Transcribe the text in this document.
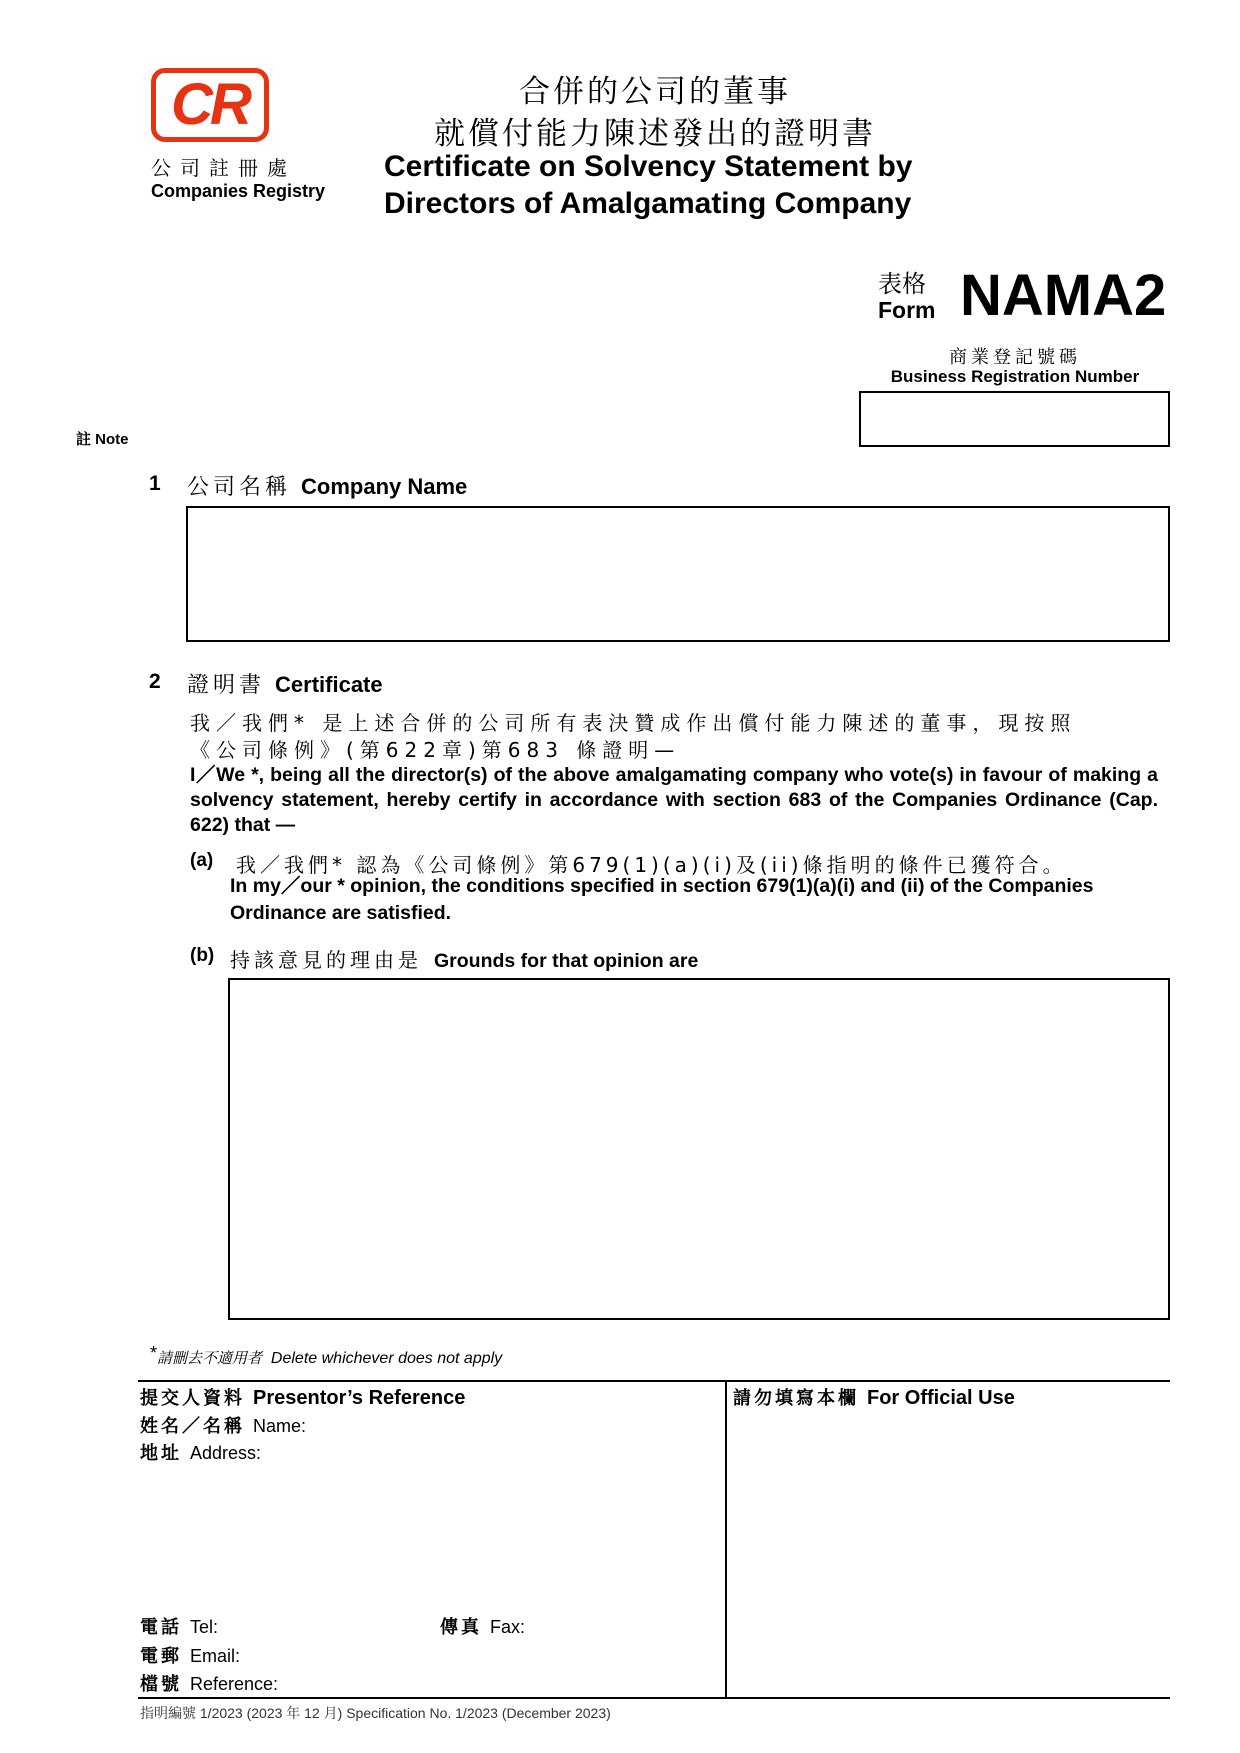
CR
公司註冊處
Companies Registry
合併的公司的董事
就償付能力陳述發出的證明書
Certificate on Solvency Statement by
Directors of Amalgamating Company
表格
Form NAMA2
商業登記號碼
Business Registration Number
註 Note
1 公司名稱 Company Name
2 證明書 Certificate
我／我們* 是上述合併的公司所有表決贊成作出償付能力陳述的董事，現按照
《公司條例》(第622章)第683 條證明—
I／We *, being all the director(s) of the above amalgamating company who vote(s) in favour of making a solvency statement, hereby certify in accordance with section 683 of the Companies Ordinance (Cap. 622) that —
(a) 我／我們* 認為《公司條例》第679(1)(a)(i)及(ii)條指明的條件已獲符合。
In my／our * opinion, the conditions specified in section 679(1)(a)(i) and (ii) of the Companies
Ordinance are satisfied.
(b) 持該意見的理由是 Grounds for that opinion are
*請刪去不適用者 Delete whichever does not apply
提交人資料 Presentor’s Reference
姓名／名稱 Name:
地址 Address:
電話 Tel:	傳真 Fax:
電郵 Email:
檔號 Reference:
請勿填寫本欄 For Official Use
指明編號 1/2023 (2023 年 12 月) Specification No. 1/2023 (December 2023)
